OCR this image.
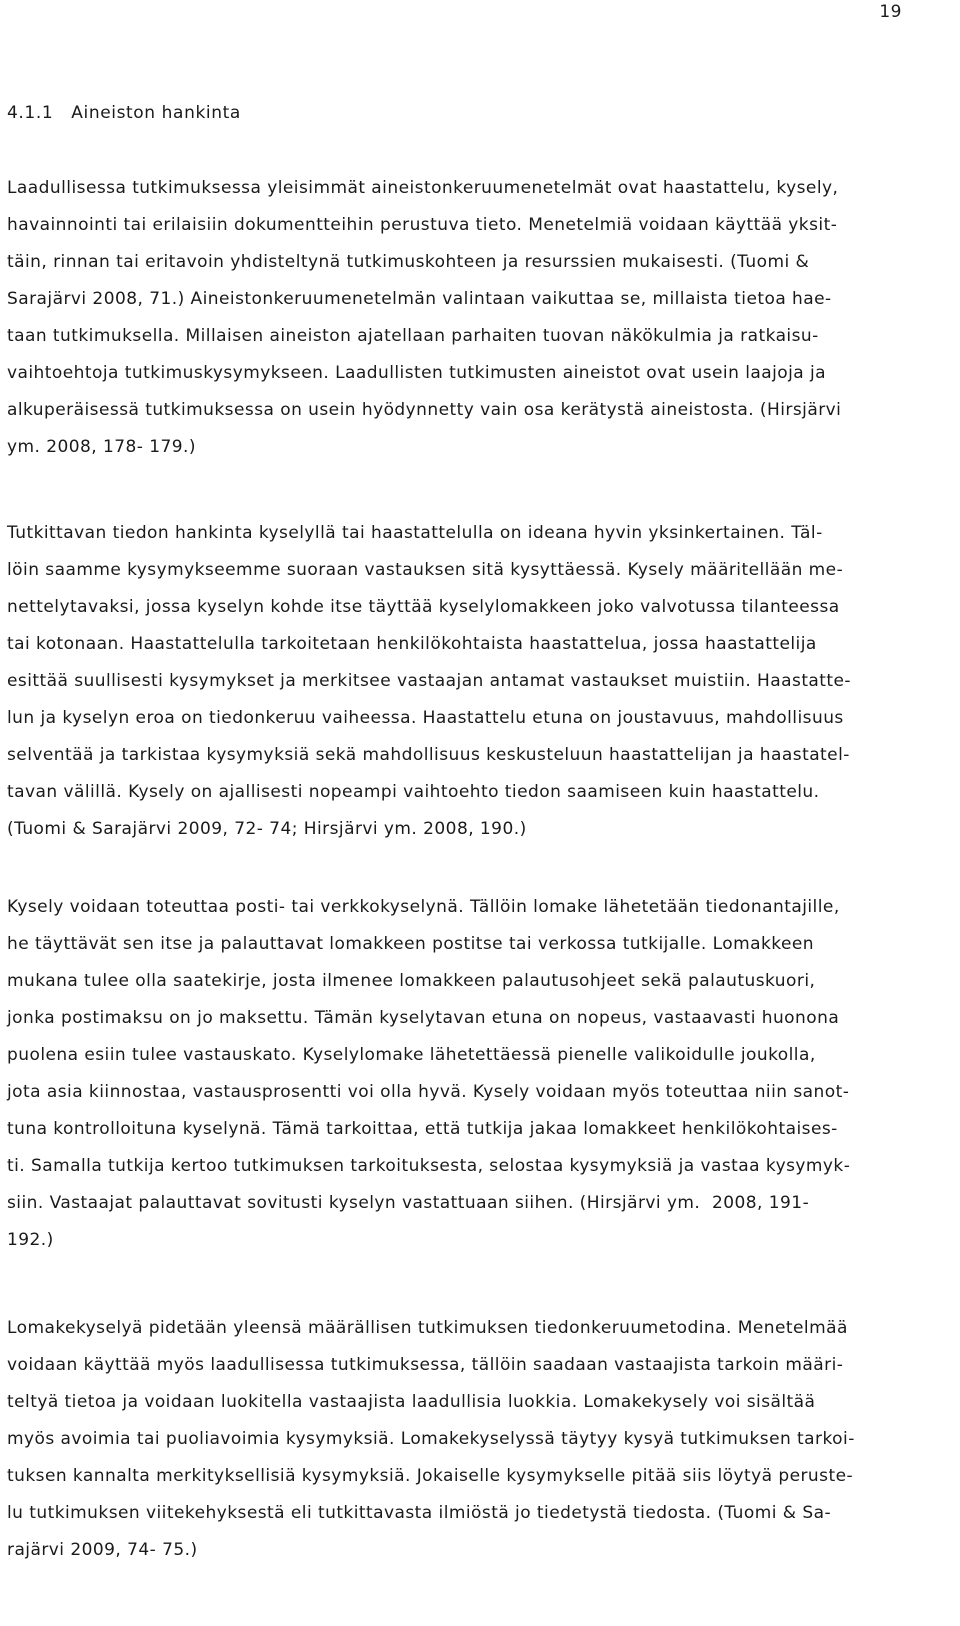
19
4.1.1   Aineiston hankinta

Laadullisessa tutkimuksessa yleisimmät aineistonkeruumenetelmät ovat haastattelu, kysely,
havainnointi tai erilaisiin dokumentteihin perustuva tieto. Menetelmiä voidaan käyttää yksit-
täin, rinnan tai eritavoin yhdisteltynä tutkimuskohteen ja resurssien mukaisesti. (Tuomi &
Sarajärvi 2008, 71.) Aineistonkeruumenetelmän valintaan vaikuttaa se, millaista tietoa hae-
taan tutkimuksella. Millaisen aineiston ajatellaan parhaiten tuovan näkökulmia ja ratkaisu-
vaihtoehtoja tutkimuskysymykseen. Laadullisten tutkimusten aineistot ovat usein laajoja ja
alkuperäisessä tutkimuksessa on usein hyödynnetty vain osa kerätystä aineistosta. (Hirsjärvi
ym. 2008, 178- 179.)

Tutkittavan tiedon hankinta kyselyllä tai haastattelulla on ideana hyvin yksinkertainen. Täl-
löin saamme kysymykseemme suoraan vastauksen sitä kysyttäessä. Kysely määritellään me-
nettelytavaksi, jossa kyselyn kohde itse täyttää kyselylomakkeen joko valvotussa tilanteessa
tai kotonaan. Haastattelulla tarkoitetaan henkilökohtaista haastattelua, jossa haastattelija
esittää suullisesti kysymykset ja merkitsee vastaajan antamat vastaukset muistiin. Haastatte-
lun ja kyselyn eroa on tiedonkeruu vaiheessa. Haastattelu etuna on joustavuus, mahdollisuus
selventää ja tarkistaa kysymyksiä sekä mahdollisuus keskusteluun haastattelijan ja haastatel-
tavan välillä. Kysely on ajallisesti nopeampi vaihtoehto tiedon saamiseen kuin haastattelu.
(Tuomi & Sarajärvi 2009, 72- 74; Hirsjärvi ym. 2008, 190.)

Kysely voidaan toteuttaa posti- tai verkkokyselynä. Tällöin lomake lähetetään tiedonantajille,
he täyttävät sen itse ja palauttavat lomakkeen postitse tai verkossa tutkijalle. Lomakkeen
mukana tulee olla saatekirje, josta ilmenee lomakkeen palautusohjeet sekä palautuskuori,
jonka postimaksu on jo maksettu. Tämän kyselytavan etuna on nopeus, vastaavasti huonona
puolena esiin tulee vastauskato. Kyselylomake lähetettäessä pienelle valikoidulle joukolla,
jota asia kiinnostaa, vastausprosentti voi olla hyvä. Kysely voidaan myös toteuttaa niin sanot-
tuna kontrolloituna kyselynä. Tämä tarkoittaa, että tutkija jakaa lomakkeet henkilökohtaises-
ti. Samalla tutkija kertoo tutkimuksen tarkoituksesta, selostaa kysymyksiä ja vastaa kysymyk-
siin. Vastaajat palauttavat sovitusti kyselyn vastattuaan siihen. (Hirsjärvi ym.  2008, 191-
192.)

Lomakekyselyä pidetään yleensä määrällisen tutkimuksen tiedonkeruumetodina. Menetelmää
voidaan käyttää myös laadullisessa tutkimuksessa, tällöin saadaan vastaajista tarkoin määri-
teltyä tietoa ja voidaan luokitella vastaajista laadullisia luokkia. Lomakekysely voi sisältää
myös avoimia tai puoliavoimia kysymyksiä. Lomakekyselyssä täytyy kysyä tutkimuksen tarkoi-
tuksen kannalta merkityksellisiä kysymyksiä. Jokaiselle kysymykselle pitää siis löytyä peruste-
lu tutkimuksen viitekehyksestä eli tutkittavasta ilmiöstä jo tiedetystä tiedosta. (Tuomi & Sa-
rajärvi 2009, 74- 75.)
